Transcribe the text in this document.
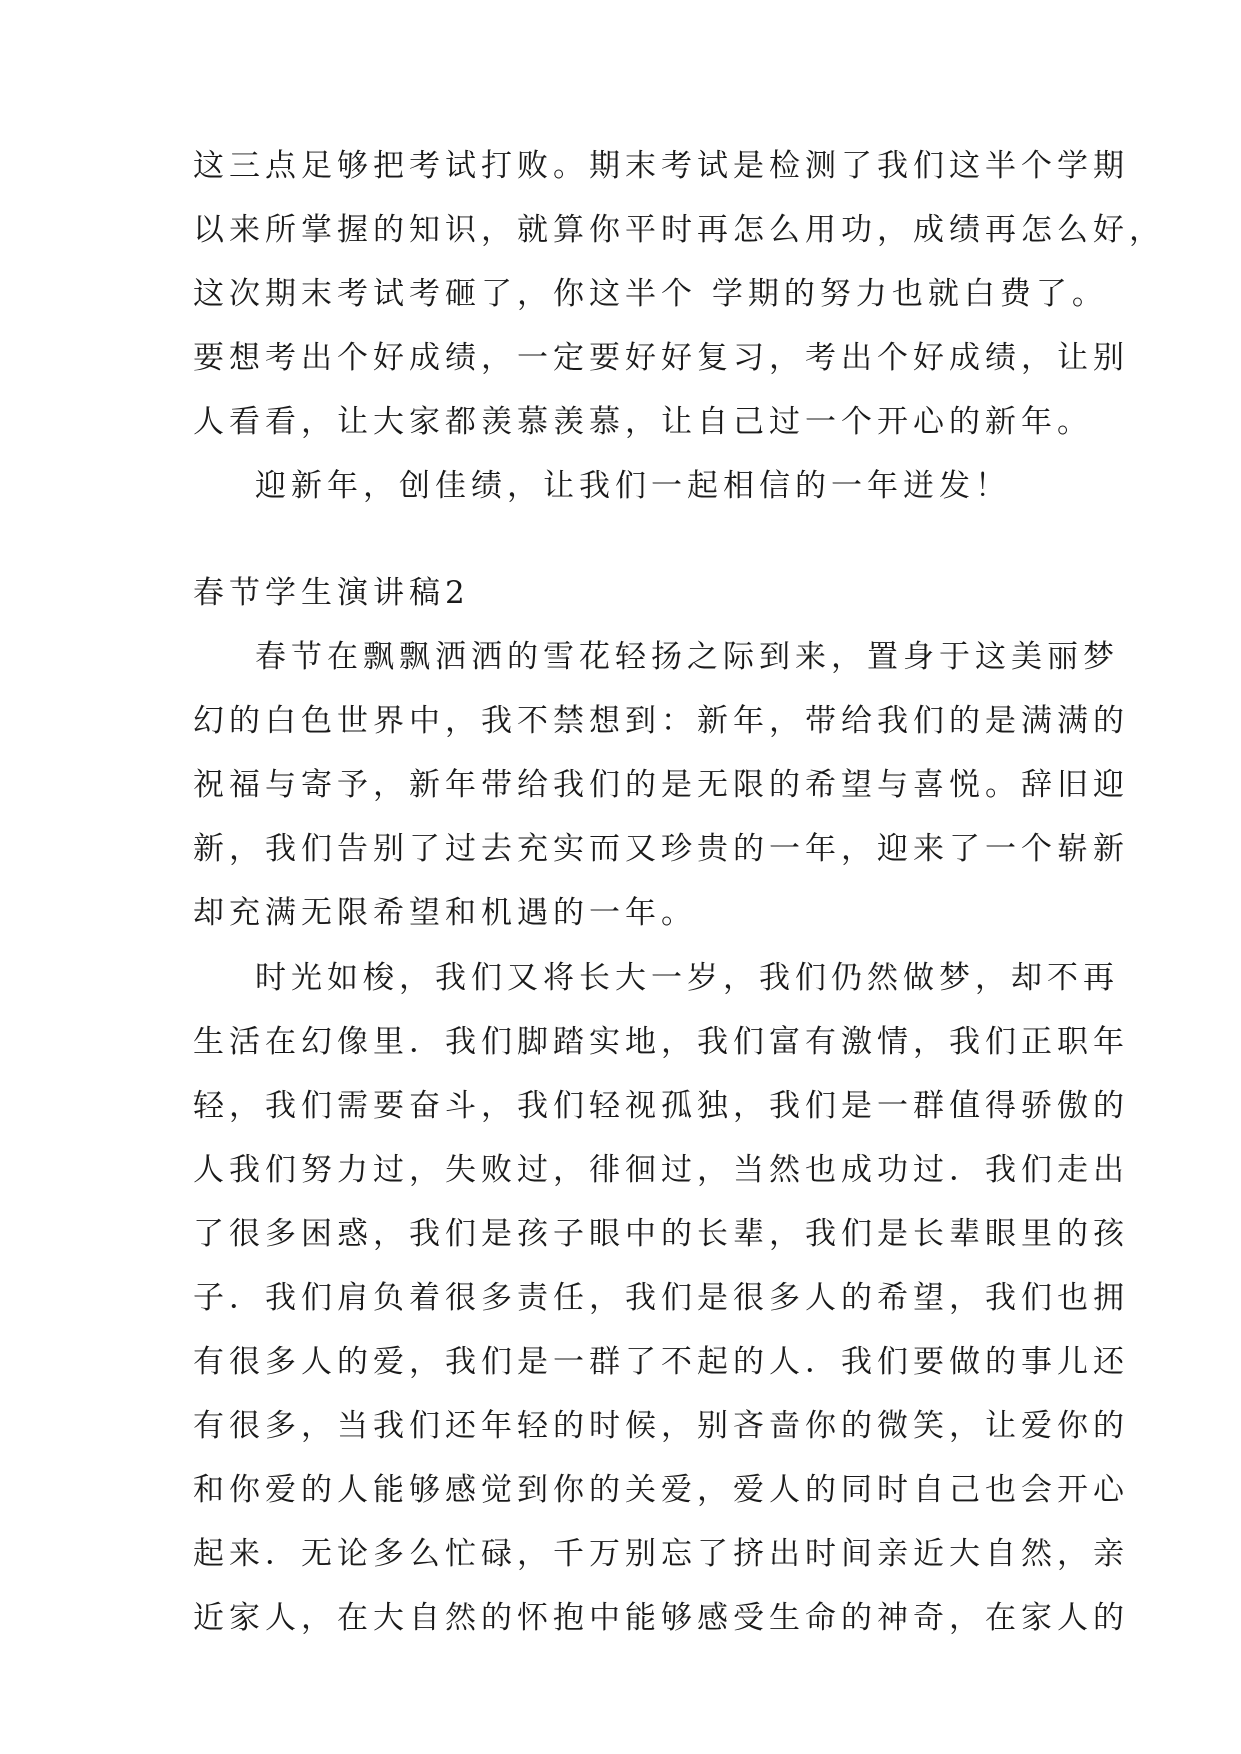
这三点足够把考试打败。期末考试是检测了我们这半个学期
以来所掌握的知识，就算你平时再怎么用功，成绩再怎么好，
这次期末考试考砸了，你这半个 学期的努力也就白费了。
要想考出个好成绩，一定要好好复习，考出个好成绩，让别
人看看，让大家都羡慕羡慕，让自己过一个开心的新年。
迎新年，创佳绩，让我们一起相信的一年迸发！
春节学生演讲稿2
春节在飘飘洒洒的雪花轻扬之际到来，置身于这美丽梦
幻的白色世界中，我不禁想到：新年，带给我们的是满满的
祝福与寄予，新年带给我们的是无限的希望与喜悦。辞旧迎
新，我们告别了过去充实而又珍贵的一年，迎来了一个崭新
却充满无限希望和机遇的一年。
时光如梭，我们又将长大一岁，我们仍然做梦，却不再
生活在幻像里．我们脚踏实地，我们富有激情，我们正职年
轻，我们需要奋斗，我们轻视孤独，我们是一群值得骄傲的
人我们努力过，失败过，徘徊过，当然也成功过．我们走出
了很多困惑，我们是孩子眼中的长辈，我们是长辈眼里的孩
子．我们肩负着很多责任，我们是很多人的希望，我们也拥
有很多人的爱，我们是一群了不起的人．我们要做的事儿还
有很多，当我们还年轻的时候，别吝啬你的微笑，让爱你的
和你爱的人能够感觉到你的关爱，爱人的同时自己也会开心
起来．无论多么忙碌，千万别忘了挤出时间亲近大自然，亲
近家人，在大自然的怀抱中能够感受生命的神奇，在家人的
